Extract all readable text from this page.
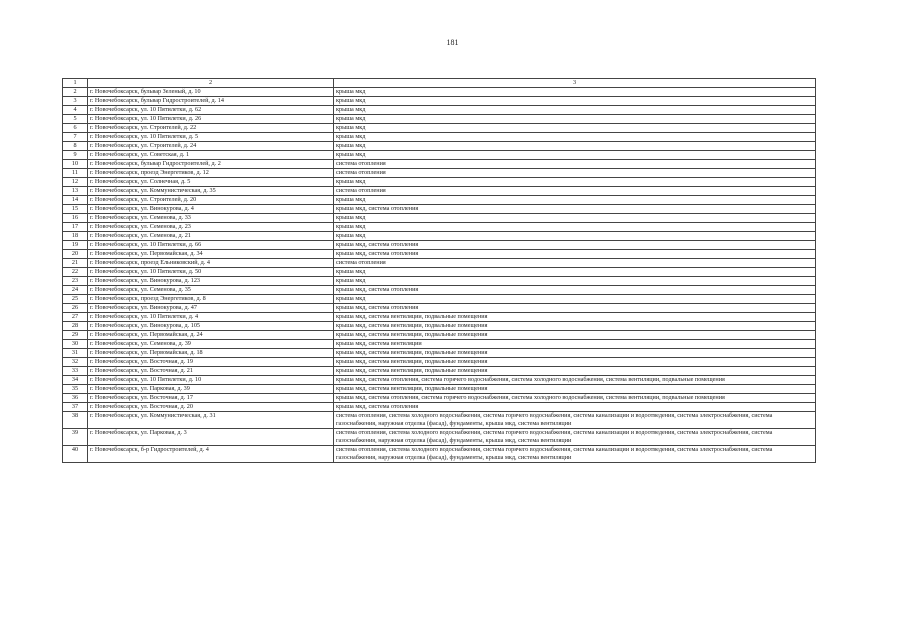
181
1	2	3
2	г. Новочебоксарск, бульвар Зеленый, д. 10	крыша мкд
3	г. Новочебоксарск, бульвар Гидростроителей, д. 14	крыша мкд
4	г. Новочебоксарск, ул. 10 Пятилетки, д. 62	крыша мкд
5	г. Новочебоксарск, ул. 10 Пятилетки, д. 26	крыша мкд
6	г. Новочебоксарск, ул. Строителей, д. 22	крыша мкд
7	г. Новочебоксарск, ул. 10 Пятилетки, д. 5	крыша мкд
8	г. Новочебоксарск, ул. Строителей, д. 24	крыша мкд
9	г. Новочебоксарск, ул. Советская, д. 1	крыша мкд
10	г. Новочебоксарск, бульвар Гидростроителей, д. 2	система отопления
11	г. Новочебоксарск, проезд Энергетиков, д. 12	система отопления
12	г. Новочебоксарск, ул. Солнечная, д. 5	крыша мкд
13	г. Новочебоксарск, ул. Коммунистическая, д. 35	система отопления
14	г. Новочебоксарск, ул. Строителей, д. 20	крыша мкд
15	г. Новочебоксарск, ул. Винокурова, д. 4	крыша мкд, система отопления
16	г. Новочебоксарск, ул. Семенова, д. 33	крыша мкд
17	г. Новочебоксарск, ул. Семенова, д. 23	крыша мкд
18	г. Новочебоксарск, ул. Семенова, д. 21	крыша мкд
19	г. Новочебоксарск, ул. 10 Пятилетки, д. 66	крыша мкд, система отопления
20	г. Новочебоксарск, ул. Первомайская, д. 34	крыша мкд, система отопления
21	г. Новочебоксарск, проезд Ельниковский, д. 4	система отопления
22	г. Новочебоксарск, ул. 10 Пятилетки, д. 50	крыша мкд
23	г. Новочебоксарск, ул. Винокурова, д. 123	крыша мкд
24	г. Новочебоксарск, ул. Семенова, д. 35	крыша мкд, система отопления
25	г. Новочебоксарск, проезд Энергетиков, д. 8	крыша мкд
26	г. Новочебоксарск, ул. Винокурова, д. 47	крыша мкд, система отопления
27	г. Новочебоксарск, ул. 10 Пятилетки, д. 4	крыша мкд, система вентиляции, подвальные помещения
28	г. Новочебоксарск, ул. Винокурова, д. 105	крыша мкд, система вентиляции, подвальные помещения
29	г. Новочебоксарск, ул. Первомайская, д. 24	крыша мкд, система вентиляции, подвальные помещения
30	г. Новочебоксарск, ул. Семенова, д. 39	крыша мкд, система вентиляции
31	г. Новочебоксарск, ул. Первомайская, д. 18	крыша мкд, система вентиляции, подвальные помещения
32	г. Новочебоксарск, ул. Восточная, д. 19	крыша мкд, система вентиляции, подвальные помещения
33	г. Новочебоксарск, ул. Восточная, д. 21	крыша мкд, система вентиляции, подвальные помещения
34	г. Новочебоксарск, ул. 10 Пятилетки, д. 10	крыша мкд, система отопления, система горячего водоснабжения, система холодного водоснабжения, система вентиляции, подвальные помещения
35	г. Новочебоксарск, ул. Парковая, д. 39	крыша мкд, система вентиляции, подвальные помещения
36	г. Новочебоксарск, ул. Восточная, д. 17	крыша мкд, система отопления, система горячего водоснабжения, система холодного водоснабжения, система вентиляции, подвальные помещения
37	г. Новочебоксарск, ул. Восточная, д. 20	крыша мкд, система отопления
38	г. Новочебоксарск, ул. Коммунистическая, д. 31	система отопления, система холодного водоснабжения, система горячего водоснабжения, система канализации и водоотведения, система электроснабжения, система газоснабжения, наружная отделка (фасад), фундаменты, крыша мкд, система вентиляции
39	г. Новочебоксарск, ул. Парковая, д. 3	система отопления, система холодного водоснабжения, система горячего водоснабжения, система канализации и водоотведения, система электроснабжения, система газоснабжения, наружная отделка (фасад), фундаменты, крыша мкд, система вентиляции
40	г. Новочебоксарск, б-р Гидростроителей, д. 4	система отопления, система холодного водоснабжения, система горячего водоснабжения, система канализации и водоотведения, система электроснабжения, система газоснабжения, наружная отделка (фасад), фундаменты, крыша мкд, система вентиляции
